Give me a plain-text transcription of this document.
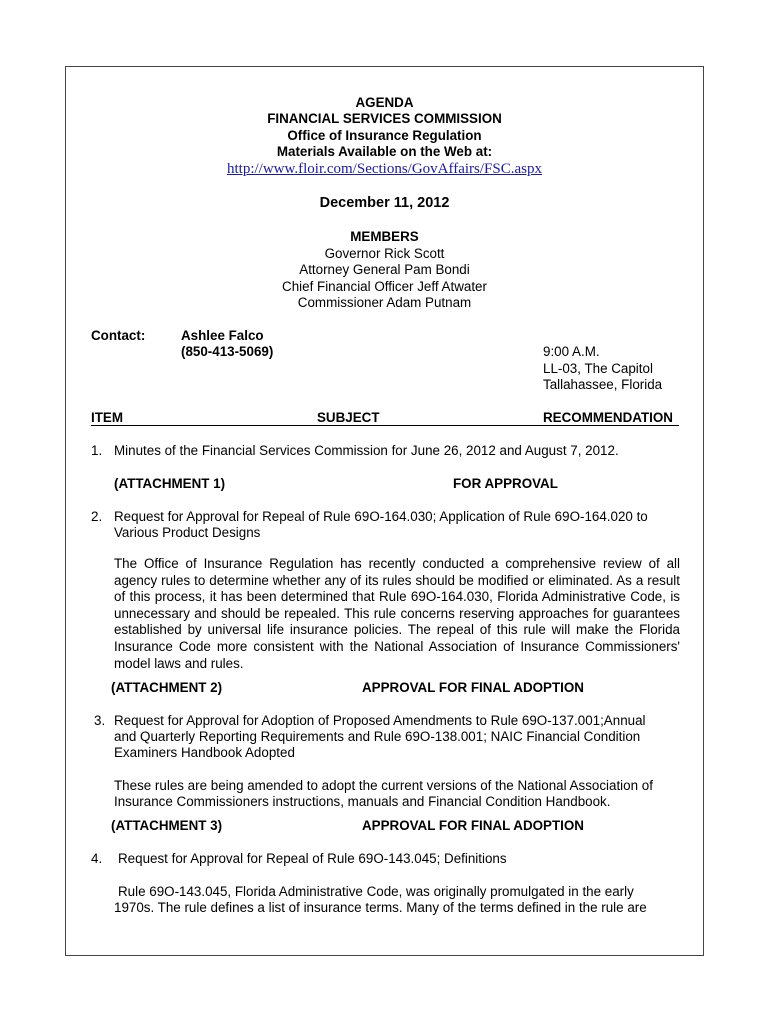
AGENDA
FINANCIAL SERVICES COMMISSION
Office of Insurance Regulation
Materials Available on the Web at:
http://www.floir.com/Sections/GovAffairs/FSC.aspx
December 11, 2012
MEMBERS
Governor Rick Scott
Attorney General Pam Bondi
Chief Financial Officer Jeff Atwater
Commissioner Adam Putnam
Contact:	Ashlee Falco
(850-413-5069)	9:00 A.M.
LL-03, The Capitol
Tallahassee, Florida
ITEM	SUBJECT	RECOMMENDATION
1. Minutes of the Financial Services Commission for June 26, 2012 and August 7, 2012.
(ATTACHMENT 1)	FOR APPROVAL
2. Request for Approval for Repeal of Rule 69O-164.030; Application of Rule 69O-164.020 to
Various Product Designs
The Office of Insurance Regulation has recently conducted a comprehensive review of all agency rules to determine whether any of its rules should be modified or eliminated. As a result of this process, it has been determined that Rule 69O-164.030, Florida Administrative Code, is unnecessary and should be repealed. This rule concerns reserving approaches for guarantees established by universal life insurance policies. The repeal of this rule will make the Florida Insurance Code more consistent with the National Association of Insurance Commissioners' model laws and rules.
(ATTACHMENT 2)	APPROVAL FOR FINAL ADOPTION
3. Request for Approval for Adoption of Proposed Amendments to Rule 69O-137.001;Annual
and Quarterly Reporting Requirements and Rule 69O-138.001; NAIC Financial Condition
Examiners Handbook Adopted
These rules are being amended to adopt the current versions of the National Association of
Insurance Commissioners instructions, manuals and Financial Condition Handbook.
(ATTACHMENT 3)	APPROVAL FOR FINAL ADOPTION
4. Request for Approval for Repeal of Rule 69O-143.045; Definitions
Rule 69O-143.045, Florida Administrative Code, was originally promulgated in the early
1970s. The rule defines a list of insurance terms. Many of the terms defined in the rule are
